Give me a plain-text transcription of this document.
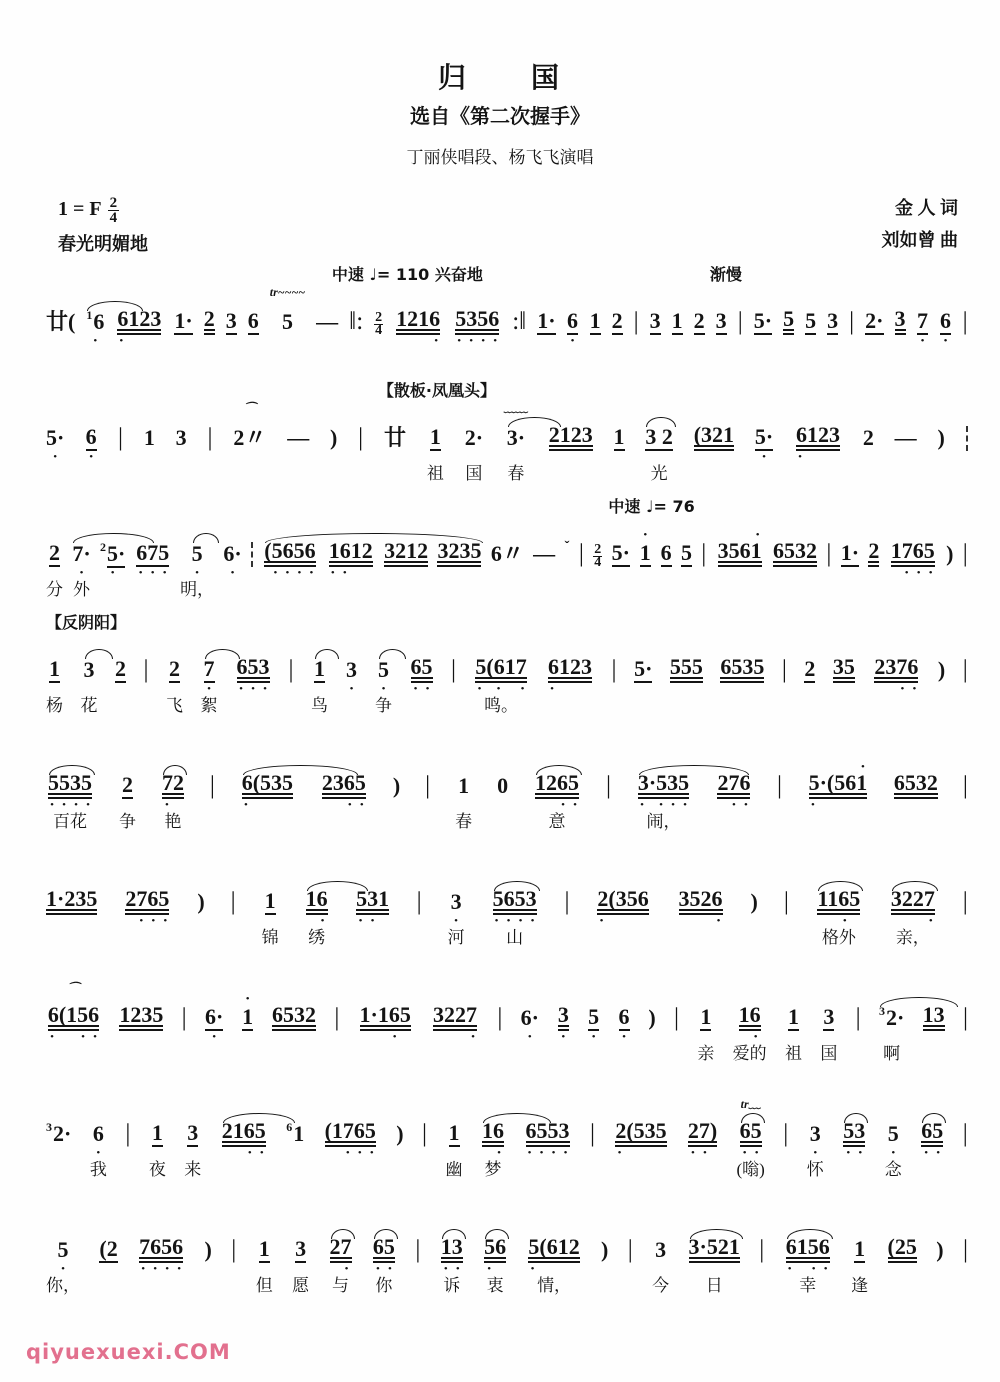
归　　国
选自《第二次握手》
丁丽侠唱段、杨飞飞演唱
1 = F $\frac{2}{4}$
春光明媚地
金 人 词
刘如曾 曲
中速 ♩= 110 兴奋地	渐慢
廿( $^1$6
•
6123
•
1· 2 3 6
tr~~~~
5 — ‖: $\frac{2}{4} 1216$
•
5356
• • • •
:‖ 1· 6
•
1 2 | 3 1 2 3 | 5· 5 5 3 | 2· 3 7
•
6
•
|
【散板·凤凰头】
5·
•
6
•
| 1 3 |
⌒
2〃 — ) | 廿 1
祖
2·
国
﹏﹏
3·
春
2123 1 3 2
光
(321 5·
•
6123
•
2 — )
中速 ♩= 76
2
分
7·
•
外
$^2$5·
•
675
• • •
5
•
明，
6·
•
(5656
• • • •
1612
• •
3212 3235 6〃 — ˇ | $\frac{2}{4} 5\cdot$
•
1 6 5 |
•
3561 6532 | 1· 2 1765
• • •
) |
【反阴阳】
1
杨
3
花
2 | 2
飞
7
•
絮
653
• • •
| 1
鸟
3
•
5
•
争
65
• •
| 5(617
•	•	•
鸣。
6123
•
| 5· 555 6535 | 2 35 2376
• •
) |
5535
• • • •
百花
2
争
72
•
艳
| 6(535
•
2365
• •
) | 1
春
0 1265
• •
意
| 3·535
•	• • •
闹，
276
• •
|
•
5·(561
•
6532 |
1·235 2765
• • •
) | 1
锦
16
•
绣
531
• •
| 3
•
河
5653
• • • •
山
| 2(356
•
3526
•
) | 1165
•
格外
3227
•
亲，
|
⌒
6(156
•	• •
1235 | 6·
•
•
1 6532 | 1·165
•
3227
•
| 6·
•
3
•
5
•
6
•
) | 1
亲
16
•
爱的
1
祖
3
国
| $^3$2·
啊
13 |
$^3$2· 6
•
我
| 1
夜
3
来
2165
• •
$^6$1 (1765
• • •
) | 1
幽
16
•
梦
6553
• • • •
| 2(535
•
27)
• •
tr﹏
65
• •
(嗡)
| 3
•
怀
53
• •
5
•
念
65
• •
|
5
•
你，
(2 7656
• • • •
) | 1
但
3
愿
27
•
与
65
• •
你
| 13
• •
诉
56
•
衷
5(612
•
情，
) | 3
今
3·521
日
| 6156
•	• •
幸
1
逢
(25 ) |
qiyuexuexi.COM
